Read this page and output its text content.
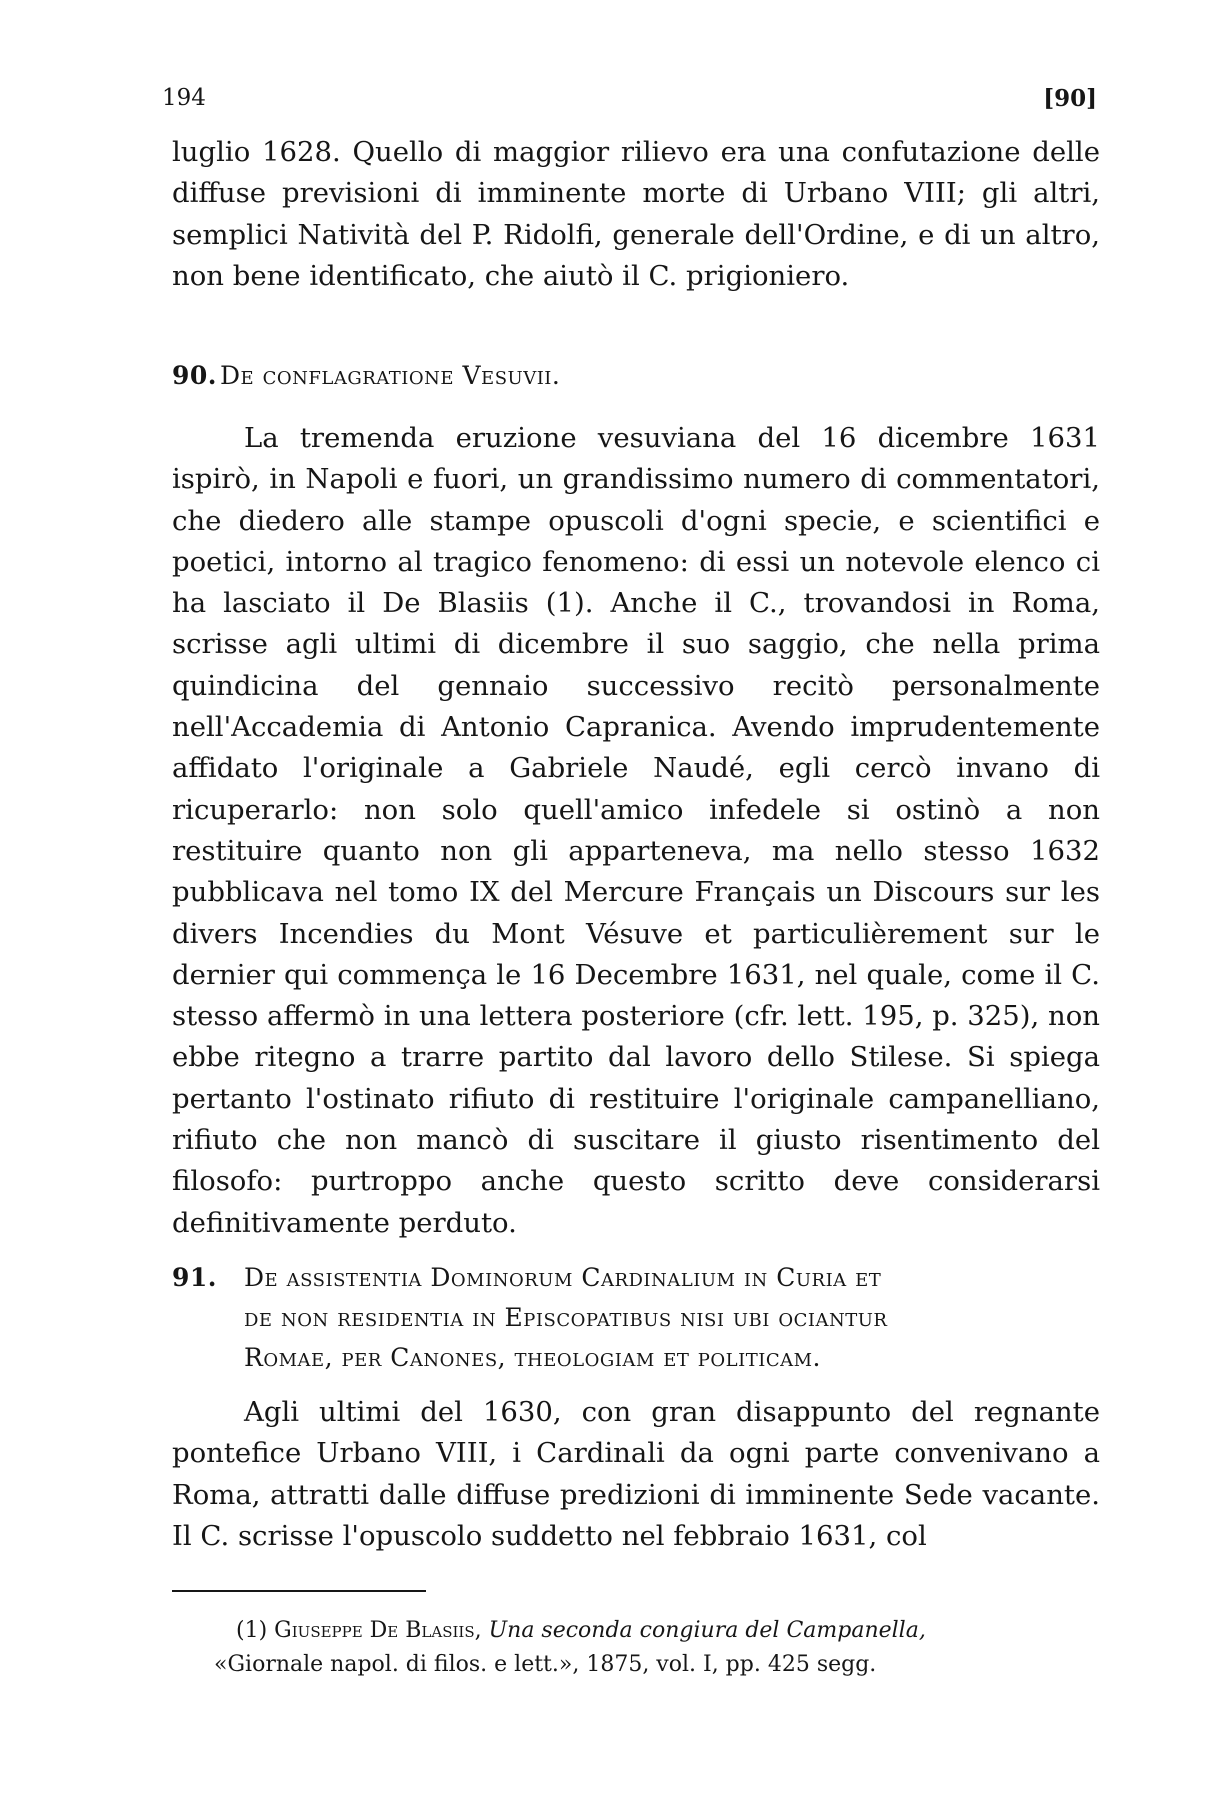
194	[90]

luglio 1628. Quello di maggior rilievo era una confutazione delle diffuse previsioni di imminente morte di Urbano VIII; gli altri, semplici Natività del P. Ridolfi, generale dell'Ordine, e di un altro, non bene identificato, che aiutò il C. prigioniero.

90. De conflagratione Vesuvii.

La tremenda eruzione vesuviana del 16 dicembre 1631 ispirò, in Napoli e fuori, un grandissimo numero di commentatori, che diedero alle stampe opuscoli d'ogni specie, e scientifici e poetici, intorno al tragico fenomeno: di essi un notevole elenco ci ha lasciato il De Blasiis (1). Anche il C., trovandosi in Roma, scrisse agli ultimi di dicembre il suo saggio, che nella prima quindicina del gennaio successivo recitò personalmente nell'Accademia di Antonio Capranica. Avendo imprudentemente affidato l'originale a Gabriele Naudé, egli cercò invano di ricuperarlo: non solo quell'amico infedele si ostinò a non restituire quanto non gli apparteneva, ma nello stesso 1632 pubblicava nel tomo IX del Mercure Français un Discours sur les divers Incendies du Mont Vésuve et particulièrement sur le dernier qui commença le 16 Decembre 1631, nel quale, come il C. stesso affermò in una lettera posteriore (cfr. lett. 195, p. 325), non ebbe ritegno a trarre partito dal lavoro dello Stilese. Si spiega pertanto l'ostinato rifiuto di restituire l'originale campanelliano, rifiuto che non mancò di suscitare il giusto risentimento del filosofo: purtroppo anche questo scritto deve considerarsi definitivamente perduto.

91. De assistentia Dominorum Cardinalium in Curia et
de non residentia in Episcopatibus nisi ubi ociantur
Romae, per Canones, theologiam et politicam.

Agli ultimi del 1630, con gran disappunto del regnante pontefice Urbano VIII, i Cardinali da ogni parte convenivano a Roma, attratti dalle diffuse predizioni di imminente Sede vacante. Il C. scrisse l'opuscolo suddetto nel febbraio 1631, col

(1) Giuseppe De Blasiis, Una seconda congiura del Campanella,
«Giornale napol. di filos. e lett.», 1875, vol. I, pp. 425 segg.
